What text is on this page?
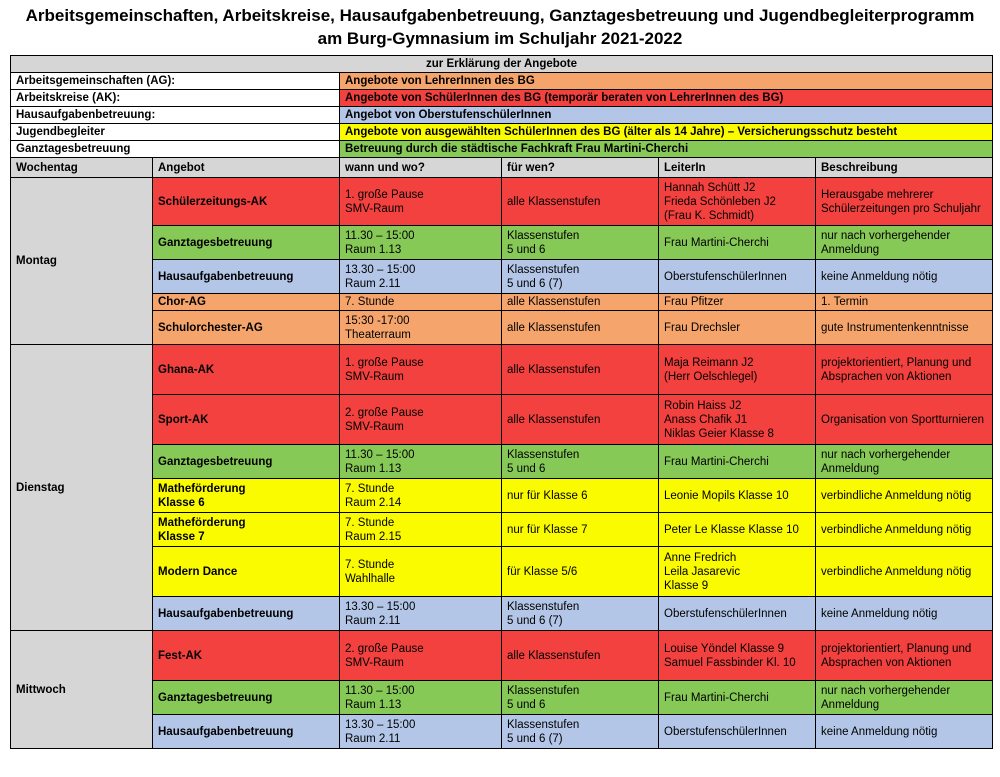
Arbeitsgemeinschaften, Arbeitskreise, Hausaufgabenbetreuung, Ganztagesbetreuung und Jugendbegleiterprogramm
am Burg-Gymnasium im Schuljahr 2021-2022
zur Erklärung der Angebote					
Arbeitsgemeinschaften (AG):		Angebote von LehrerInnen des BG			
Arbeitskreise (AK):		Angebote von SchülerInnen des BG (temporär beraten von LehrerInnen des BG)			
Hausaufgabenbetreuung:		Angebot von OberstufenschülerInnen			
Jugendbegleiter		Angebote von ausgewählten SchülerInnen des BG (älter als 14 Jahre) – Versicherungsschutz besteht			
Ganztagesbetreuung		Betreuung durch die städtische Fachkraft Frau Martini-Cherchi			
Wochentag	Angebot	wann und wo?	für wen?	LeiterIn	Beschreibung
Montag	Schülerzeitungs-AK	1. große Pause
SMV-Raum	alle Klassenstufen	Hannah Schütt J2
Frieda Schönleben J2
(Frau K. Schmidt)	Herausgabe mehrerer Schülerzeitungen pro Schuljahr
	Ganztagesbetreuung	11.30 – 15:00
Raum 1.13	Klassenstufen
5 und 6	Frau Martini-Cherchi	nur nach vorhergehender Anmeldung
	Hausaufgabenbetreuung	13.30 – 15:00
Raum 2.11	Klassenstufen
5 und 6 (7)	OberstufenschülerInnen	keine Anmeldung nötig
	Chor-AG	7. Stunde	alle Klassenstufen	Frau Pfitzer	1. Termin
	Schulorchester-AG	15:30 -17:00
Theaterraum	alle Klassenstufen	Frau Drechsler	gute Instrumentenkenntnisse
Dienstag	Ghana-AK	1. große Pause
SMV-Raum	alle Klassenstufen	Maja Reimann J2
(Herr Oelschlegel)	projektorientiert, Planung und Absprachen von Aktionen
	Sport-AK	2. große Pause
SMV-Raum	alle Klassenstufen	Robin Haiss J2
Anass Chafik J1
Niklas Geier Klasse 8	Organisation von Sportturnieren
	Ganztagesbetreuung	11.30 – 15:00
Raum 1.13	Klassenstufen
5 und 6	Frau Martini-Cherchi	nur nach vorhergehender Anmeldung
	Matheförderung
Klasse 6	7. Stunde
Raum 2.14	nur für Klasse 6	Leonie Mopils Klasse 10	verbindliche Anmeldung nötig
	Matheförderung
Klasse 7	7. Stunde
Raum 2.15	nur für Klasse 7	Peter Le Klasse Klasse 10	verbindliche Anmeldung nötig
	Modern Dance	7. Stunde
Wahlhalle	für Klasse 5/6	Anne Fredrich
Leila Jasarevic
Klasse 9	verbindliche Anmeldung nötig
	Hausaufgabenbetreuung	13.30 – 15:00
Raum 2.11	Klassenstufen
5 und 6 (7)	OberstufenschülerInnen	keine Anmeldung nötig
Mittwoch	Fest-AK	2. große Pause
SMV-Raum	alle Klassenstufen	Louise Yöndel Klasse 9
Samuel Fassbinder Kl. 10	projektorientiert, Planung und Absprachen von Aktionen
	Ganztagesbetreuung	11.30 – 15:00
Raum 1.13	Klassenstufen
5 und 6	Frau Martini-Cherchi	nur nach vorhergehender Anmeldung
	Hausaufgabenbetreuung	13.30 – 15:00
Raum 2.11	Klassenstufen
5 und 6 (7)	OberstufenschülerInnen	keine Anmeldung nötig
